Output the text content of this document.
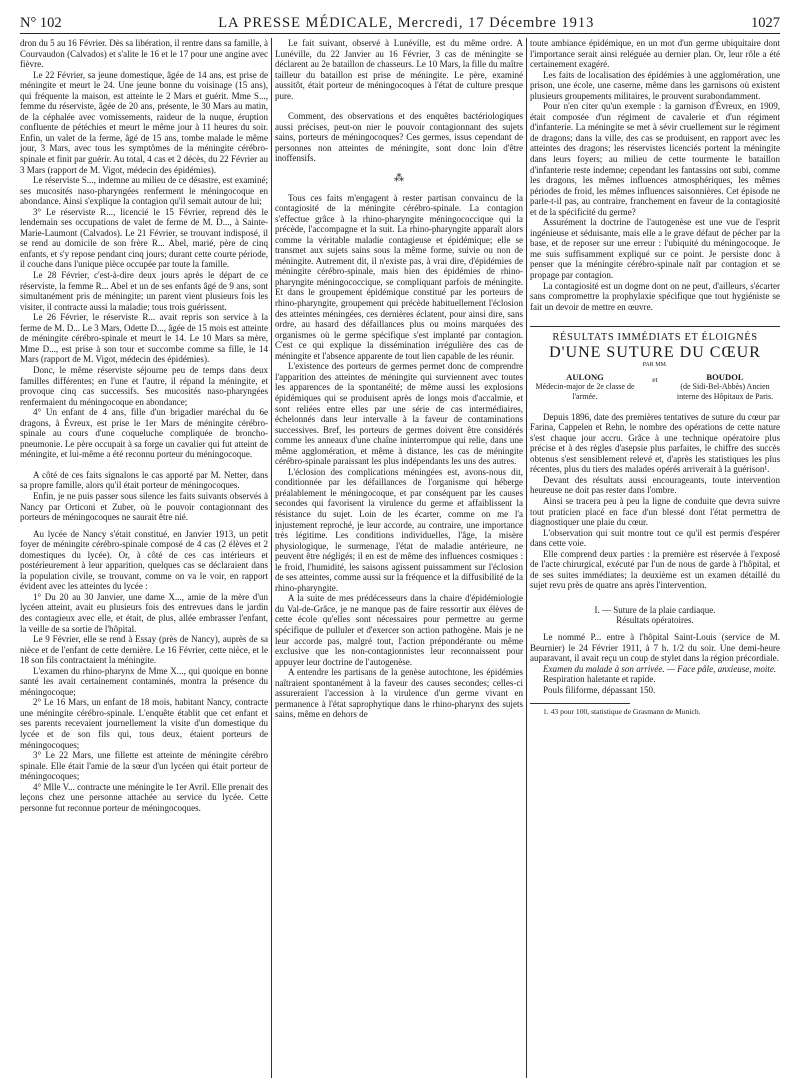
N° 102	LA PRESSE MÉDICALE, Mercredi, 17 Décembre 1913	1027

dron du 5 au 16 Février. Dès sa libération, il rentre dans sa famille, à Courvaudon (Calvados) et s'alite le 16 et le 17 pour une angine avec fièvre.

Le 22 Février, sa jeune domestique, âgée de 14 ans, est prise de méningite et meurt le 24. Une jeune bonne du voisinage (15 ans), qui fréquente la maison, est atteinte le 2 Mars et guérit. Mme S..., femme du réserviste, âgée de 20 ans, présente, le 30 Mars au matin, de la céphalée avec vomissements, raideur de la nuque, éruption confluente de pétéchies et meurt le même jour à 11 heures du soir. Enfin, un valet de la ferme, âgé de 15 ans, tombe malade le même jour, 3 Mars, avec tous les symptômes de la méningite cérébro-spinale et finit par guérir. Au total, 4 cas et 2 décès, du 22 Février au 3 Mars (rapport de M. Vigot, médecin des épidémies).

Le réserviste S..., indemne au milieu de ce désastre, est examiné; ses mucosités naso-pharyngées renferment le méningocoque en abondance. Ainsi s'explique la contagion qu'il semait autour de lui;

3° Le réserviste R..., licencié le 15 Février, reprend dès le lendemain ses occupations de valet de ferme de M. D..., à Sainte-Marie-Laumont (Calvados). Le 21 Février, se trouvant indisposé, il se rend au domicile de son frère R... Abel, marié, père de cinq enfants, et s'y repose pendant cinq jours; durant cette courte période, il couche dans l'unique pièce occupée par toute la famille.

Le 28 Février, c'est-à-dire deux jours après le départ de ce réserviste, la femme R... Abel et un de ses enfants âgé de 9 ans, sont simultanément pris de méningite; un parent vient plusieurs fois les visiter, il contracte aussi la maladie; tous trois guérissent.

Le 26 Février, le réserviste R... avait repris son service à la ferme de M. D... Le 3 Mars, Odette D..., âgée de 15 mois est atteinte de méningite cérébro-spinale et meurt le 14. Le 10 Mars sa mère, Mme D..., est prise à son tour et succombe comme sa fille, le 14 Mars (rapport de M. Vigot, médecin des épidémies).

Donc, le même réserviste séjourne peu de temps dans deux familles différentes; en l'une et l'autre, il répand la méningite, et provoque cinq cas successifs. Ses mucosités naso-pharyngées renfermaient du méningocoque en abondance;

4° Un enfant de 4 ans, fille d'un brigadier maréchal du 6e dragons, à Évreux, est prise le 1er Mars de méningite cérébro-spinale au cours d'une coqueluche compliquée de broncho-pneumonie. Le père occupait à sa forge un cavalier qui fut atteint de méningite, et lui-même a été reconnu porteur du méningocoque.

A côté de ces faits signalons le cas apporté par M. Netter, dans sa propre famille, alors qu'il était porteur de méningocoques.

Enfin, je ne puis passer sous silence les faits suivants observés à Nancy par Orticoni et Zuber, où le pouvoir contagionnant des porteurs de méningocoques ne saurait être nié.

Au lycée de Nancy s'était constitué, en Janvier 1913, un petit foyer de méningite cérébro-spinale composé de 4 cas (2 élèves et 2 domestiques du lycée). Or, à côté de ces cas intérieurs et postérieurement à leur apparition, quelques cas se déclaraient dans la population civile, se trouvant, comme on va le voir, en rapport évident avec les atteintes du lycée :

1° Du 20 au 30 Janvier, une dame X..., amie de la mère d'un lycéen atteint, avait eu plusieurs fois des entrevues dans le jardin des contagieux avec elle, et était, de plus, allée embrasser l'enfant, la veille de sa sortie de l'hôpital.

Le 9 Février, elle se rend à Essay (près de Nancy), auprès de sa nièce et de l'enfant de cette dernière. Le 16 Février, cette nièce, et le 18 son fils contractaient la méningite.

L'examen du rhino-pharynx de Mme X..., qui quoique en bonne santé les avait certainement contaminés, montra la présence du méningocoque;

2° Le 16 Mars, un enfant de 18 mois, habitant Nancy, contracte une méningite cérébro-spinale. L'enquête établit que cet enfant et ses parents recevaient journellement la visite d'un domestique du lycée et de son fils qui, tous deux, étaient porteurs de méningocoques;

3° Le 22 Mars, une fillette est atteinte de méningite cérébro spinale. Elle était l'amie de la sœur d'un lycéen qui était porteur de méningocoques;

4° Mlle V... contracte une méningite le 1er Avril. Elle prenait des leçons chez une personne attachée au service du lycée. Cette personne fut reconnue porteur de méningocoques.

Le fait suivant, observé à Lunéville, est du même ordre. A Lunéville, du 22 Janvier au 16 Février, 3 cas de méningite se déclarent au 2e bataillon de chasseurs. Le 10 Mars, la fille du maître tailleur du bataillon est prise de méningite. Le père, examiné aussitôt, était porteur de méningocoques à l'état de culture presque pure.

Comment, des observations et des enquêtes bactériologiques aussi précises, peut-on nier le pouvoir contagionnant des sujets sains, porteurs de méningocoques? Ces germes, issus cependant de personnes non atteintes de méningite, sont donc loin d'être inoffensifs.

⁂

Tous ces faits m'engagent à rester partisan convaincu de la contagiosité de la méningite cérébro-spinale. La contagion s'effectue grâce à la rhino-pharyngite méningococcique qui la précède, l'accompagne et la suit. La rhino-pharyngite apparaît alors comme la véritable maladie contagieuse et épidémique; elle se transmet aux sujets sains sous la même forme, suivie ou non de méningite. Autrement dit, il n'existe pas, à vrai dire, d'épidémies de méningite cérébro-spinale, mais bien des épidémies de rhino-pharyngite méningococcique, se compliquant parfois de méningite. Et dans le groupement épidémique constitué par les porteurs de rhino-pharyngite, groupement qui précède habituellement l'éclosion des atteintes méningées, ces dernières éclatent, pour ainsi dire, sans ordre, au hasard des défaillances plus ou moins marquées des organismes où le germe spécifique s'est implanté par contagion. C'est ce qui explique la dissémination irrégulière des cas de méningite et l'absence apparente de tout lien capable de les réunir.

L'existence des porteurs de germes permet donc de comprendre l'apparition des atteintes de méningite qui surviennent avec toutes les apparences de la spontanéité; de même aussi les explosions épidémiques qui se produisent après de longs mois d'accalmie, et sont reliées entre elles par une série de cas intermédiaires, échelonnés dans leur intervalle à la faveur de contaminations successives. Bref, les porteurs de germes doivent être considérés comme les anneaux d'une chaîne ininterrompue qui relie, dans une même agglomération, et même à distance, les cas de méningite cérébro-spinale paraissant les plus indépendants les uns des autres.

L'éclosion des complications méningées est, avons-nous dit, conditionnée par les défaillances de l'organisme qui héberge préalablement le méningocoque, et par conséquent par les causes secondes qui favorisent la virulence du germe et affaiblissent la résistance du sujet. Loin de les écarter, comme on me l'a injustement reproché, je leur accorde, au contraire, une importance très légitime. Les conditions individuelles, l'âge, la misère physiologique, le surmenage, l'état de maladie antérieure, ne peuvent être négligés; il en est de même des influences cosmiques : le froid, l'humidité, les saisons agissent puissamment sur l'éclosion de ses atteintes, comme aussi sur la fréquence et la diffusibilité de la rhino-pharyngite.

A la suite de mes prédécesseurs dans la chaire d'épidémiologie du Val-de-Grâce, je ne manque pas de faire ressortir aux élèves de cette école qu'elles sont nécessaires pour permettre au germe spécifique de pulluler et d'exercer son action pathogène. Mais je ne leur accorde pas, malgré tout, l'action prépondérante ou même exclusive que les non-contagionnistes leur reconnaissent pour appuyer leur doctrine de l'autogenèse.

A entendre les partisans de la genèse autochtone, les épidémies naîtraient spontanément à la faveur des causes secondes; celles-ci assureraient l'accession à la virulence d'un germe vivant en permanence à l'état saprophytique dans le rhino-pharynx des sujets sains, même en dehors de

toute ambiance épidémique, en un mot d'un germe ubiquitaire dont l'importance serait ainsi reléguée au dernier plan. Or, leur rôle a été certainement exagéré.

Les faits de localisation des épidémies à une agglomération, une prison, une école, une caserne, même dans les garnisons où existent plusieurs groupements militaires, le prouvent surabondamment.

Pour n'en citer qu'un exemple : la garnison d'Évreux, en 1909, était composée d'un régiment de cavalerie et d'un régiment d'infanterie. La méningite se met à sévir cruellement sur le régiment de dragons; dans la ville, des cas se produisent, en rapport avec les atteintes des dragons; les réservistes licenciés portent la méningite dans leurs foyers; au milieu de cette tourmente le bataillon d'infanterie reste indemne; cependant les fantassins ont subi, comme les dragons, les mêmes influences atmosphériques, les mêmes périodes de froid, les mêmes influences saisonnières. Cet épisode ne parle-t-il pas, au contraire, franchement en faveur de la contagiosité et de la spécificité du germe?

Assurément la doctrine de l'autogenèse est une vue de l'esprit ingénieuse et séduisante, mais elle a le grave défaut de pécher par la base, et de reposer sur une erreur : l'ubiquité du méningocoque. Je me suis suffisamment expliqué sur ce point. Je persiste donc à penser que la méningite cérébro-spinale naît par contagion et se propage par contagion.

La contagiosité est un dogme dont on ne peut, d'ailleurs, s'écarter sans compromettre la prophylaxie spécifique que tout hygiéniste se fait un devoir de mettre en œuvre.

RÉSULTATS IMMÉDIATS ET ÉLOIGNÉS
D'UNE SUTURE DU CŒUR
PAR MM.
AULONG
Médecin-major de 2e classe de l'armée.
et	BOUDOL
(de Sidi-Bel-Abbès) Ancien interne des Hôpitaux de Paris.

Depuis 1896, date des premières tentatives de suture du cœur par Farina, Cappelen et Rehn, le nombre des opérations de cette nature s'est chaque jour accru. Grâce à une technique opératoire plus précise et à des règles d'asepsie plus parfaites, le chiffre des succès obtenus s'est sensiblement relevé et, d'après les statistiques les plus récentes, plus du tiers des malades opérés arriverait à la guérison¹.

Devant des résultats aussi encourageants, toute intervention heureuse ne doit pas rester dans l'ombre.

Ainsi se tracera peu à peu la ligne de conduite que devra suivre tout praticien placé en face d'un blessé dont l'état permettra de diagnostiquer une plaie du cœur.

L'observation qui suit montre tout ce qu'il est permis d'espérer dans cette voie.

Elle comprend deux parties : la première est réservée à l'exposé de l'acte chirurgical, exécuté par l'un de nous de garde à l'hôpital, et de ses suites immédiates; la deuxième est un examen détaillé du sujet revu près de quatre ans après l'intervention.

I. — Suture de la plaie cardiaque.
Résultats opératoires.

Le nommé P... entre à l'hôpital Saint-Louis (service de M. Beurnier) le 24 Février 1911, à 7 h. 1/2 du soir. Une demi-heure auparavant, il avait reçu un coup de stylet dans la région précordiale.

Examen du malade à son arrivée. — Face pâle, anxieuse, moite.

Respiration haletante et rapide.

Pouls filiforme, dépassant 150.

1. 43 pour 100, statistique de Grasmann de Munich.
